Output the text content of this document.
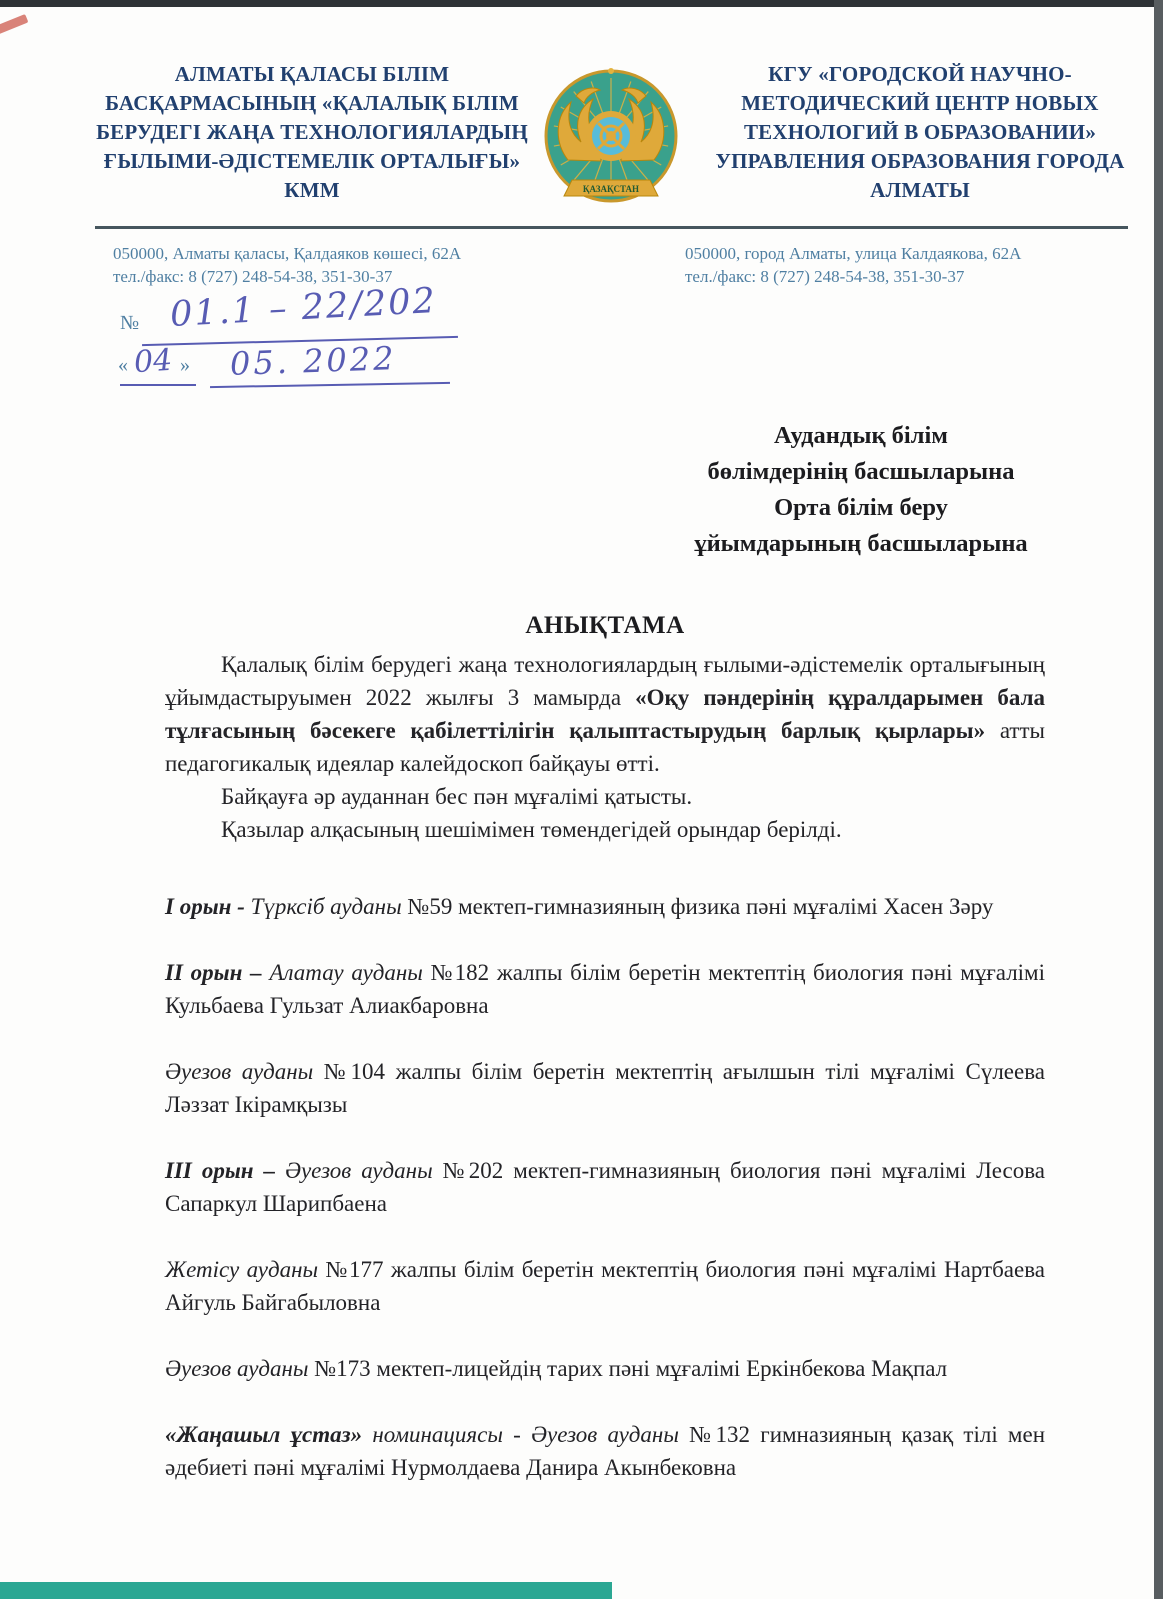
АЛМАТЫ ҚАЛАСЫ БІЛІМ БАСҚАРМАСЫНЫҢ «ҚАЛАЛЫҚ БІЛІМ БЕРУДЕГІ ЖАҢА ТЕХНОЛОГИЯЛАРДЫҢ ҒЫЛЫМИ-ӘДІСТЕМЕЛІК ОРТАЛЫҒЫ» КММ	ҚАЗАҚСТАН
КГУ «ГОРОДСКОЙ НАУЧНО-МЕТОДИЧЕСКИЙ ЦЕНТР НОВЫХ ТЕХНОЛОГИЙ В ОБРАЗОВАНИИ» УПРАВЛЕНИЯ ОБРАЗОВАНИЯ ГОРОДА АЛМАТЫ
050000, Алматы қаласы, Қалдаяков көшесі, 62А
тел./факс: 8 (727) 248-54-38, 351-30-37
050000, город Алматы, улица Калдаякова, 62А
тел./факс: 8 (727) 248-54-38, 351-30-37
№ 01.1 – 22/202
« 04 » 05. 2022
Аудандық білім
бөлімдерінің басшыларына
Орта білім беру
ұйымдарының басшыларына
АНЫҚТАМА

Қалалық білім берудегі жаңа технологиялардың ғылыми-әдістемелік орталығының ұйымдастыруымен 2022 жылғы 3 мамырда «Оқу пәндерінің құралдарымен бала тұлғасының бәсекеге қабілеттілігін қалыптастырудың барлық қырлары» атты педагогикалық идеялар калейдоскоп байқауы өтті.

Байқауға әр ауданнан бес пән мұғалімі қатысты.

Қазылар алқасының шешімімен төмендегідей орындар берілді.

I орын - Түрксіб ауданы №59 мектеп-гимназияның физика пәні мұғалімі Хасен Зәру

II орын – Алатау ауданы №182 жалпы білім беретін мектептің биология пәні мұғалімі Кульбаева Гульзат Алиакбаровна

Әуезов ауданы №104 жалпы білім беретін мектептің ағылшын тілі мұғалімі Сүлеева Ләззат Ікірамқызы

III орын – Әуезов ауданы №202 мектеп-гимназияның биология пәні мұғалімі Лесова Сапаркул Шарипбаена

Жетісу ауданы №177 жалпы білім беретін мектептің биология пәні мұғалімі Нартбаева Айгуль Байгабыловна

Әуезов ауданы №173 мектеп-лицейдің тарих пәні мұғалімі Еркінбекова Мақпал

«Жаңашыл ұстаз» номинациясы - Әуезов ауданы №132 гимназияның қазақ тілі мен әдебиеті пәні мұғалімі Нурмолдаева Данира Акынбековна
